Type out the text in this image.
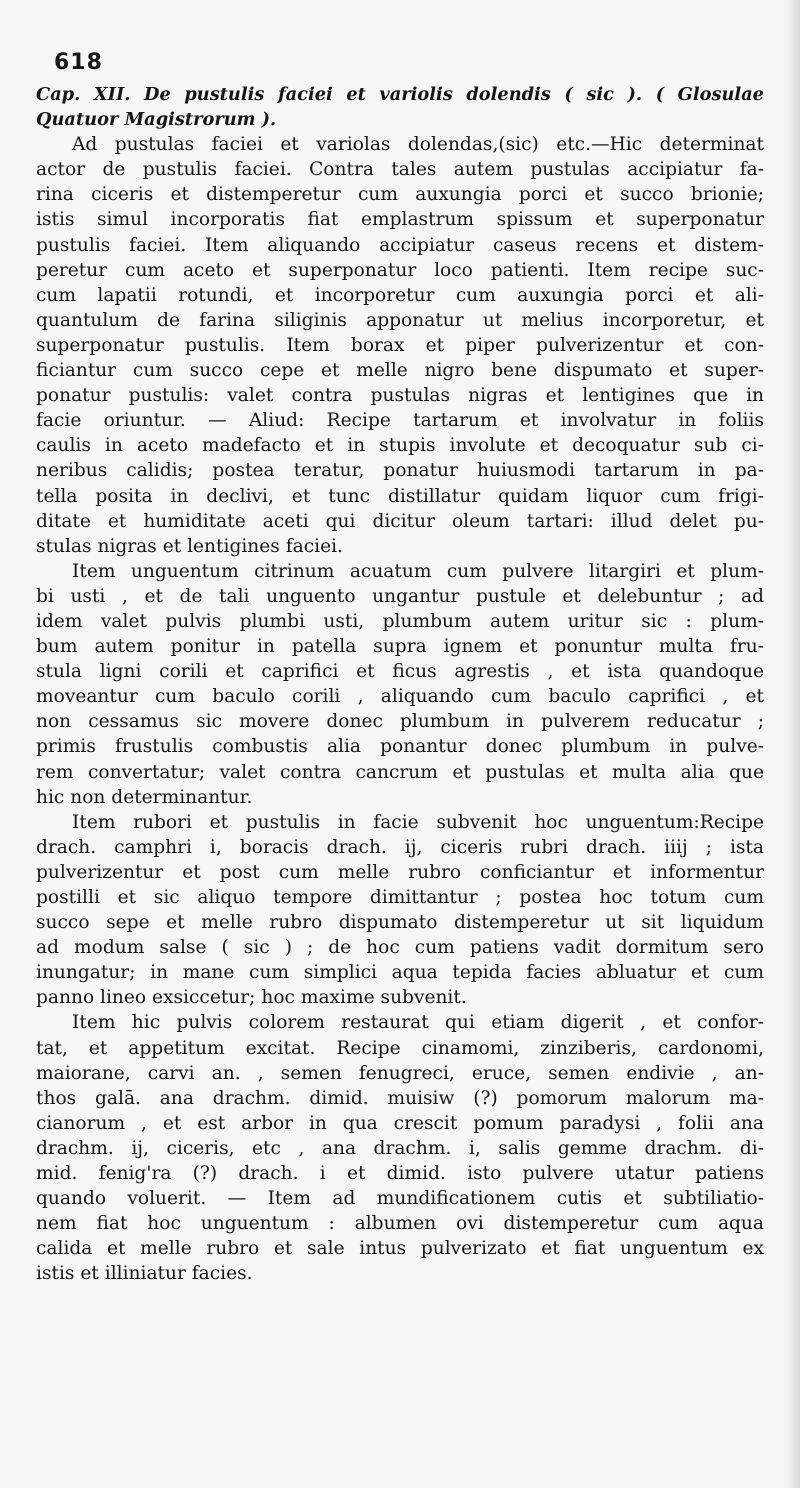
618
Cap. XII. De pustulis faciei et variolis dolendis ( sic ). ( Glosulae
Quatuor Magistrorum ).
Ad pustulas faciei et variolas dolendas,(sic) etc.—Hic determinat
actor de pustulis faciei. Contra tales autem pustulas accipiatur fa-
rina ciceris et distemperetur cum auxungia porci et succo brionie;
istis simul incorporatis fiat emplastrum spissum et superponatur
pustulis faciei. Item aliquando accipiatur caseus recens et distem-
peretur cum aceto et superponatur loco patienti. Item recipe suc-
cum lapatii rotundi, et incorporetur cum auxungia porci et ali-
quantulum de farina siliginis apponatur ut melius incorporetur, et
superponatur pustulis. Item borax et piper pulverizentur et con-
ficiantur cum succo cepe et melle nigro bene dispumato et super-
ponatur pustulis: valet contra pustulas nigras et lentigines que in
facie oriuntur. — Aliud: Recipe tartarum et involvatur in foliis
caulis in aceto madefacto et in stupis involute et decoquatur sub ci-
neribus calidis; postea teratur, ponatur huiusmodi tartarum in pa-
tella posita in declivi, et tunc distillatur quidam liquor cum frigi-
ditate et humiditate aceti qui dicitur oleum tartari: illud delet pu-
stulas nigras et lentigines faciei.
Item unguentum citrinum acuatum cum pulvere litargiri et plum-
bi usti , et de tali unguento ungantur pustule et delebuntur ; ad
idem valet pulvis plumbi usti, plumbum autem uritur sic : plum-
bum autem ponitur in patella supra ignem et ponuntur multa fru-
stula ligni corili et caprifici et ficus agrestis , et ista quandoque
moveantur cum baculo corili , aliquando cum baculo caprifici , et
non cessamus sic movere donec plumbum in pulverem reducatur ;
primis frustulis combustis alia ponantur donec plumbum in pulve-
rem convertatur; valet contra cancrum et pustulas et multa alia que
hic non determinantur.
Item rubori et pustulis in facie subvenit hoc unguentum:Recipe
drach. camphri i, boracis drach. ij, ciceris rubri drach. iiij ; ista
pulverizentur et post cum melle rubro conficiantur et informentur
postilli et sic aliquo tempore dimittantur ; postea hoc totum cum
succo sepe et melle rubro dispumato distemperetur ut sit liquidum
ad modum salse ( sic ) ; de hoc cum patiens vadit dormitum sero
inungatur; in mane cum simplici aqua tepida facies abluatur et cum
panno lineo exsiccetur; hoc maxime subvenit.
Item hic pulvis colorem restaurat qui etiam digerit , et confor-
tat, et appetitum excitat. Recipe cinamomi, zinziberis, cardonomi,
maiorane, carvi an. , semen fenugreci, eruce, semen endivie , an-
thos galā. ana drachm. dimid. muisiw (?) pomorum malorum ma-
cianorum , et est arbor in qua crescit pomum paradysi , folii ana
drachm. ij, ciceris, etc , ana drachm. i, salis gemme drachm. di-
mid. fenig'ra (?) drach. i et dimid. isto pulvere utatur patiens
quando voluerit. — Item ad mundificationem cutis et subtiliatio-
nem fiat hoc unguentum : albumen ovi distemperetur cum aqua
calida et melle rubro et sale intus pulverizato et fiat unguentum ex
istis et illiniatur facies.
